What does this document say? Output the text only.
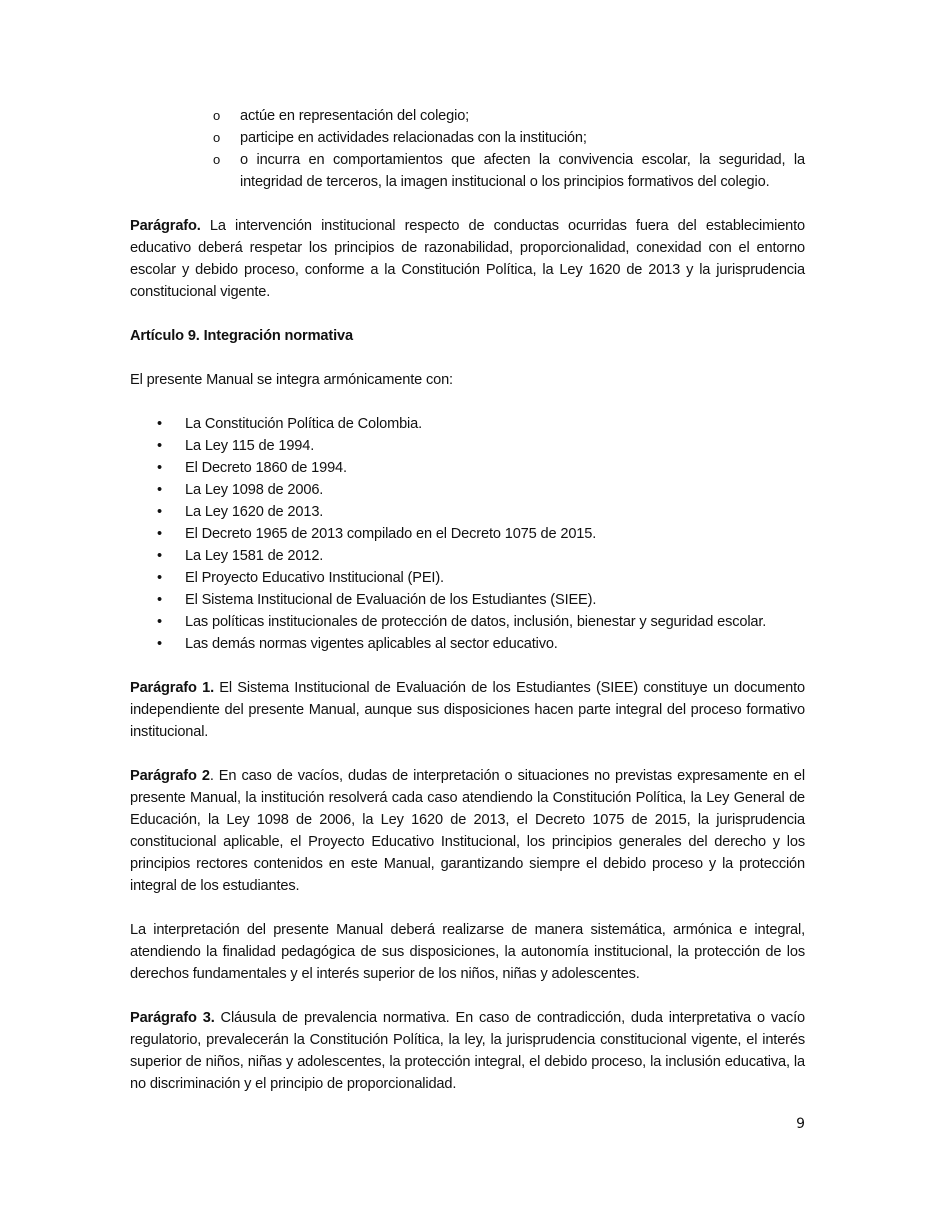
o actúe en representación del colegio;
o participe en actividades relacionadas con la institución;
o o incurra en comportamientos que afecten la convivencia escolar, la seguridad, la integridad de terceros, la imagen institucional o los principios formativos del colegio.

Parágrafo. La intervención institucional respecto de conductas ocurridas fuera del establecimiento educativo deberá respetar los principios de razonabilidad, proporcionalidad, conexidad con el entorno escolar y debido proceso, conforme a la Constitución Política, la Ley 1620 de 2013 y la jurisprudencia constitucional vigente.

Artículo 9. Integración normativa

El presente Manual se integra armónicamente con:

• La Constitución Política de Colombia.
• La Ley 115 de 1994.
• El Decreto 1860 de 1994.
• La Ley 1098 de 2006.
• La Ley 1620 de 2013.
• El Decreto 1965 de 2013 compilado en el Decreto 1075 de 2015.
• La Ley 1581 de 2012.
• El Proyecto Educativo Institucional (PEI).
• El Sistema Institucional de Evaluación de los Estudiantes (SIEE).
• Las políticas institucionales de protección de datos, inclusión, bienestar y seguridad escolar.
• Las demás normas vigentes aplicables al sector educativo.

Parágrafo 1. El Sistema Institucional de Evaluación de los Estudiantes (SIEE) constituye un documento independiente del presente Manual, aunque sus disposiciones hacen parte integral del proceso formativo institucional.

Parágrafo 2. En caso de vacíos, dudas de interpretación o situaciones no previstas expresamente en el presente Manual, la institución resolverá cada caso atendiendo la Constitución Política, la Ley General de Educación, la Ley 1098 de 2006, la Ley 1620 de 2013, el Decreto 1075 de 2015, la jurisprudencia constitucional aplicable, el Proyecto Educativo Institucional, los principios generales del derecho y los principios rectores contenidos en este Manual, garantizando siempre el debido proceso y la protección integral de los estudiantes.

La interpretación del presente Manual deberá realizarse de manera sistemática, armónica e integral, atendiendo la finalidad pedagógica de sus disposiciones, la autonomía institucional, la protección de los derechos fundamentales y el interés superior de los niños, niñas y adolescentes.

Parágrafo 3. Cláusula de prevalencia normativa. En caso de contradicción, duda interpretativa o vacío regulatorio, prevalecerán la Constitución Política, la ley, la jurisprudencia constitucional vigente, el interés superior de niños, niñas y adolescentes, la protección integral, el debido proceso, la inclusión educativa, la no discriminación y el principio de proporcionalidad.

9
